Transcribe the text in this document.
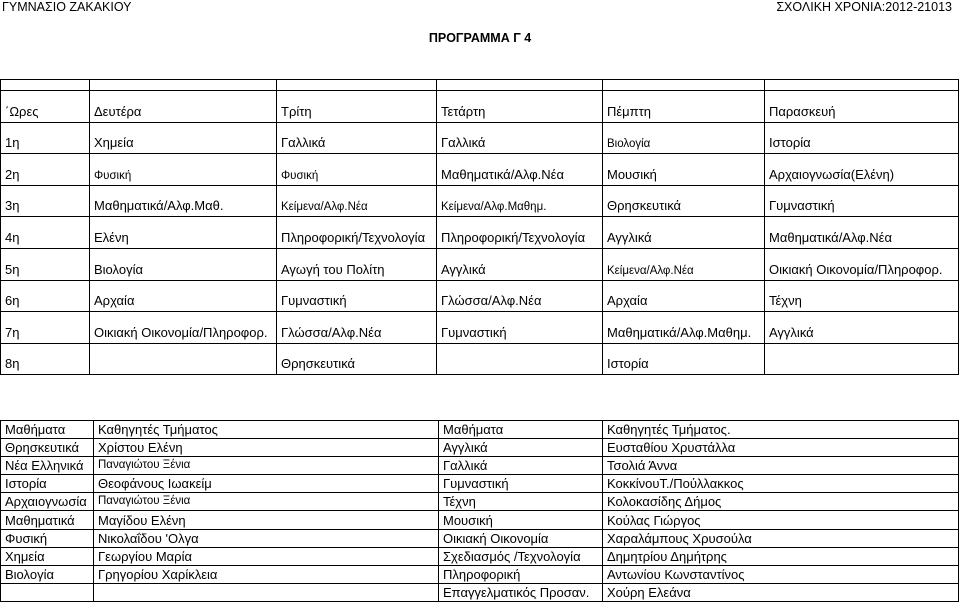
ΓΥΜΝΑΣΙΟ ΖΑΚΑΚΙΟΥ	ΣΧΟΛΙΚΗ ΧΡΟΝΙΑ:2012-21013
ΠΡΟΓΡΑΜΜΑ Γ 4

΄Ωρες	Δευτέρα	Τρίτη	Τετάρτη	Πέμπτη	Παρασκευή
1η	Χημεία	Γαλλικά	Γαλλικά	Βιολογία	Ιστορία
2η	Φυσική	Φυσική	Μαθηματικά/Αλφ.Νέα	Μουσική	Αρχαιογνωσία(Ελένη)
3η	Μαθηματικά/Αλφ.Μαθ.	Κείμενα/Αλφ.Νέα	Κείμενα/Αλφ.Μαθημ.	Θρησκευτικά	Γυμναστική
4η	Ελένη	Πληροφορική/Τεχνολογία	Πληροφορική/Τεχνολογία	Αγγλικά	Μαθηματικά/Αλφ.Νέα
5η	Βιολογία	Αγωγή του Πολίτη	Αγγλικά	Κείμενα/Αλφ.Νέα	Οικιακή Οικονομία/Πληροφορ.
6η	Αρχαία	Γυμναστική	Γλώσσα/Αλφ.Νέα	Αρχαία	Τέχνη
7η	Οικιακή Οικονομία/Πληροφορ.	Γλώσσα/Αλφ.Νέα	Γυμναστική	Μαθηματικά/Αλφ.Μαθημ.	Αγγλικά
8η		Θρησκευτικά		Ιστορία	
Μαθήματα	Καθηγητές Τμήματος	Μαθήματα	Καθηγητές Τμήματος.
Θρησκευτικά	Χρίστου Ελένη	Αγγλικά	Ευσταθίου Χρυστάλλα
Νέα Ελληνικά	Παναγιώτου Ξένια	Γαλλικά	Τσολιά Άννα
Ιστορία	Θεοφάνους Ιωακείμ	Γυμναστική	ΚοκκίνουΤ./Πούλλακκος
Αρχαιογνωσία	Παναγιώτου Ξένια	Τέχνη	Κολοκασίδης Δήμος
Μαθηματικά	Μαγίδου Ελένη	Μουσική	Κούλας Γιώργος
Φυσική	Νικολαΐδου 'Ολγα	Οικιακή Οικονομία	Χαραλάμπους Χρυσούλα
Χημεία	Γεωργίου Μαρία	Σχεδιασμός /Τεχνολογία	Δημητρίου Δημήτρης
Βιολογία	Γρηγορίου Χαρίκλεια	Πληροφορική	Αντωνίου Κωνσταντίνος
		Επαγγελματικός Προσαν.	Χούρη Ελεάνα
